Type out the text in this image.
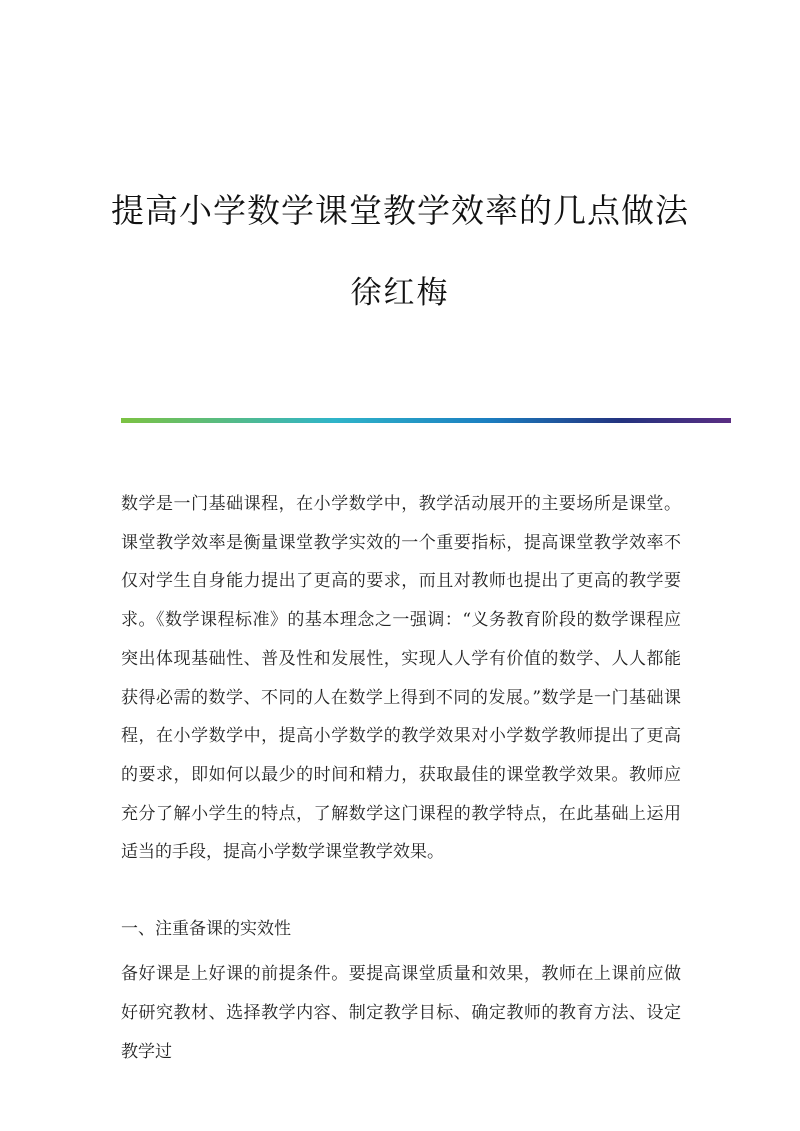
提高小学数学课堂教学效率的几点做法
徐红梅

数学是一门基础课程，在小学数学中，教学活动展开的主要场所是课堂。课堂教学效率是衡量课堂教学实效的一个重要指标，提高课堂教学效率不仅对学生自身能力提出了更高的要求，而且对教师也提出了更高的教学要求。《数学课程标准》的基本理念之一强调：“义务教育阶段的数学课程应突出体现基础性、普及性和发展性，实现人人学有价值的数学、人人都能获得必需的数学、不同的人在数学上得到不同的发展。”数学是一门基础课程，在小学数学中，提高小学数学的教学效果对小学数学教师提出了更高的要求，即如何以最少的时间和精力，获取最佳的课堂教学效果。教师应充分了解小学生的特点，了解数学这门课程的教学特点，在此基础上运用适当的手段，提高小学数学课堂教学效果。

一、注重备课的实效性

备好课是上好课的前提条件。要提高课堂质量和效果，教师在上课前应做好研究教材、选择教学内容、制定教学目标、确定教师的教育方法、设定教学过
